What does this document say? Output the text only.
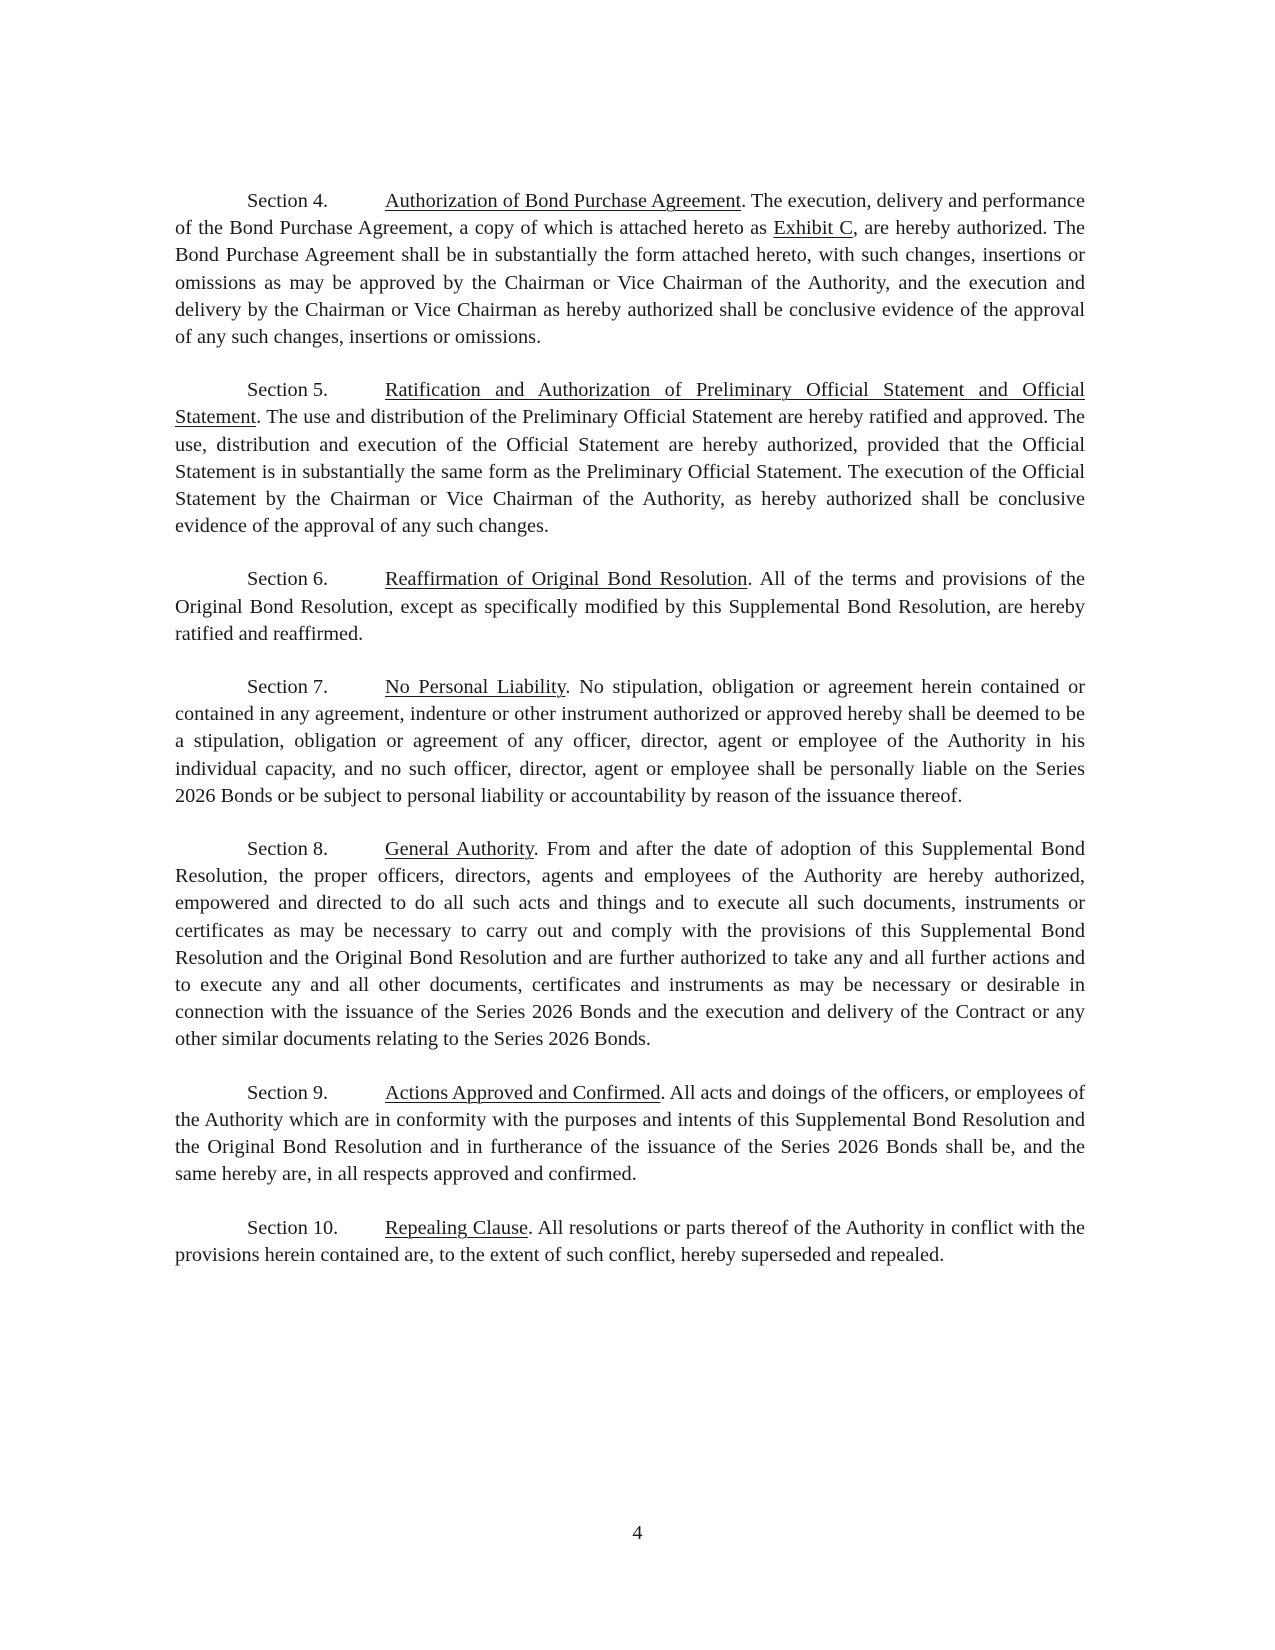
Section 4.	Authorization of Bond Purchase Agreement. The execution, delivery and performance of the Bond Purchase Agreement, a copy of which is attached hereto as Exhibit C, are hereby authorized. The Bond Purchase Agreement shall be in substantially the form attached hereto, with such changes, insertions or omissions as may be approved by the Chairman or Vice Chairman of the Authority, and the execution and delivery by the Chairman or Vice Chairman as hereby authorized shall be conclusive evidence of the approval of any such changes, insertions or omissions.

Section 5.	Ratification and Authorization of Preliminary Official Statement and Official Statement. The use and distribution of the Preliminary Official Statement are hereby ratified and approved. The use, distribution and execution of the Official Statement are hereby authorized, provided that the Official Statement is in substantially the same form as the Preliminary Official Statement. The execution of the Official Statement by the Chairman or Vice Chairman of the Authority, as hereby authorized shall be conclusive evidence of the approval of any such changes.

Section 6.	Reaffirmation of Original Bond Resolution. All of the terms and provisions of the Original Bond Resolution, except as specifically modified by this Supplemental Bond Resolution, are hereby ratified and reaffirmed.

Section 7.	No Personal Liability. No stipulation, obligation or agreement herein contained or contained in any agreement, indenture or other instrument authorized or approved hereby shall be deemed to be a stipulation, obligation or agreement of any officer, director, agent or employee of the Authority in his individual capacity, and no such officer, director, agent or employee shall be personally liable on the Series 2026 Bonds or be subject to personal liability or accountability by reason of the issuance thereof.

Section 8.	General Authority. From and after the date of adoption of this Supplemental Bond Resolution, the proper officers, directors, agents and employees of the Authority are hereby authorized, empowered and directed to do all such acts and things and to execute all such documents, instruments or certificates as may be necessary to carry out and comply with the provisions of this Supplemental Bond Resolution and the Original Bond Resolution and are further authorized to take any and all further actions and to execute any and all other documents, certificates and instruments as may be necessary or desirable in connection with the issuance of the Series 2026 Bonds and the execution and delivery of the Contract or any other similar documents relating to the Series 2026 Bonds.

Section 9.	Actions Approved and Confirmed. All acts and doings of the officers, or employees of the Authority which are in conformity with the purposes and intents of this Supplemental Bond Resolution and the Original Bond Resolution and in furtherance of the issuance of the Series 2026 Bonds shall be, and the same hereby are, in all respects approved and confirmed.

Section 10. Repealing Clause. All resolutions or parts thereof of the Authority in conflict with the provisions herein contained are, to the extent of such conflict, hereby superseded and repealed.

4
